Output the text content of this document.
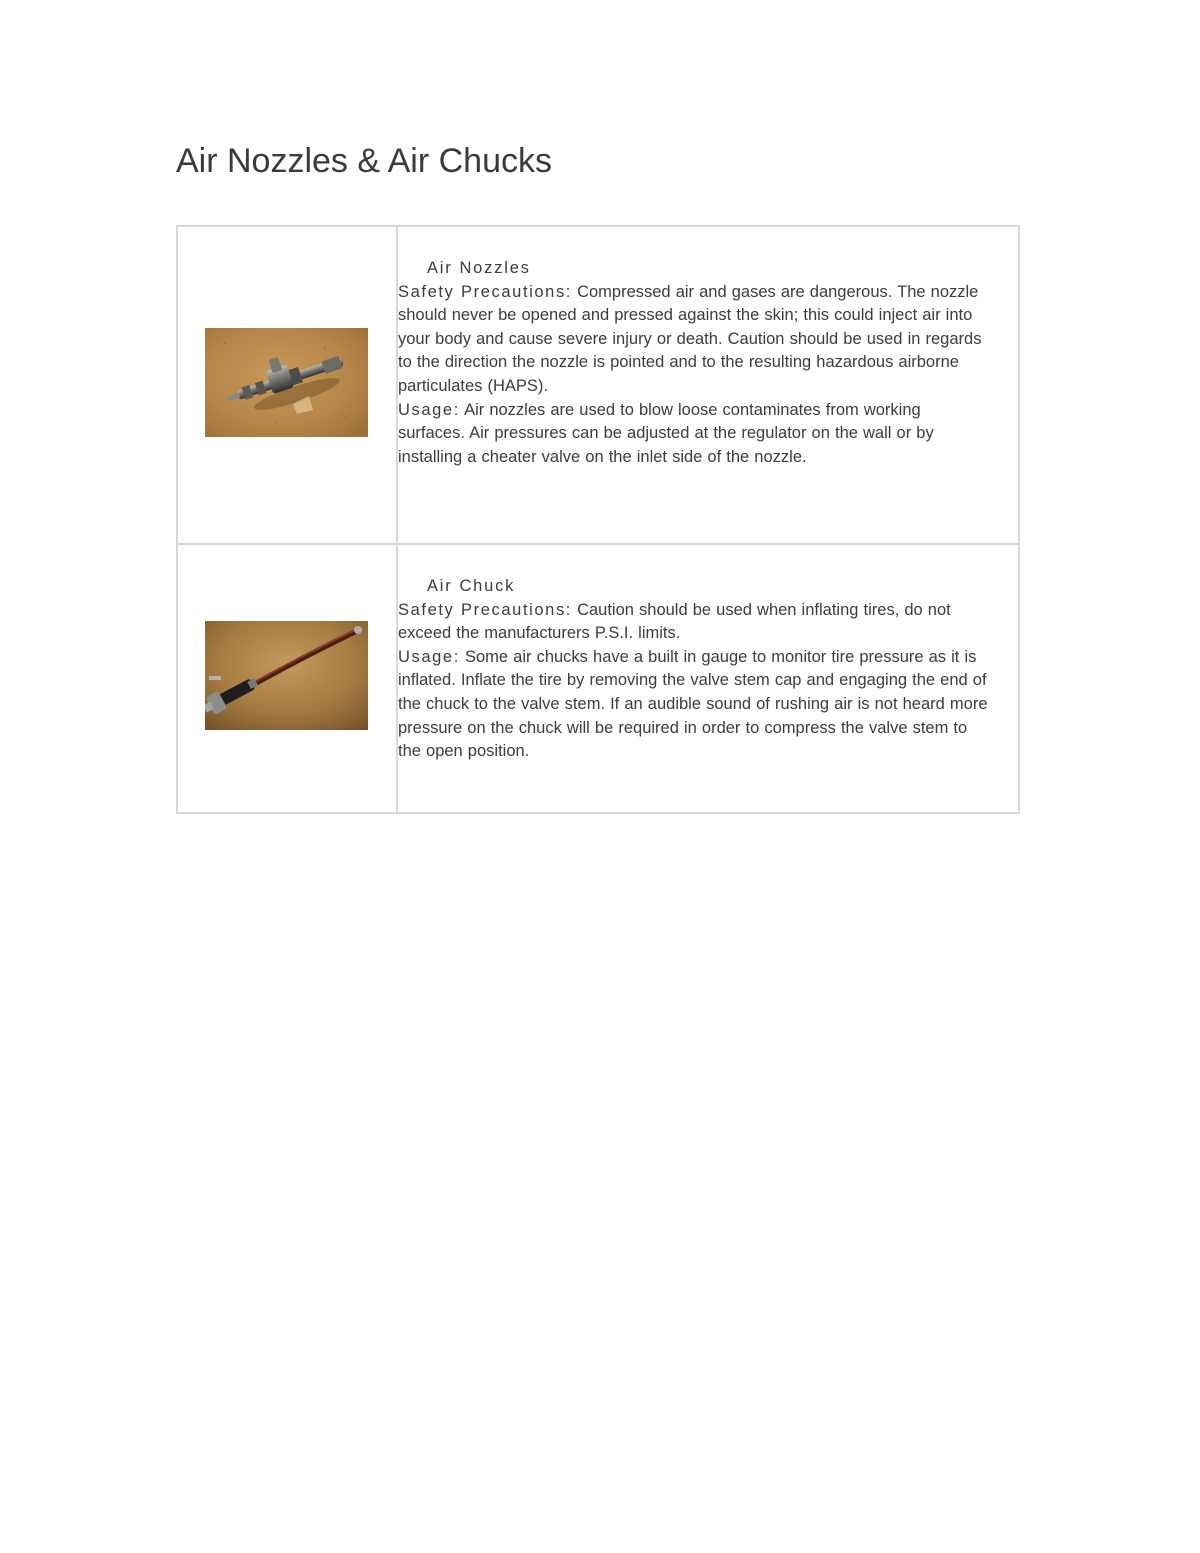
Air Nozzles & Air Chucks

Air Nozzles
Safety Precautions: Compressed air and gases are dangerous. The nozzle should never be opened and pressed against the skin; this could inject air into your body and cause severe injury or death. Caution should be used in regards to the direction the nozzle is pointed and to the resulting hazardous airborne particulates (HAPS).
Usage: Air nozzles are used to blow loose contaminates from working surfaces. Air pressures can be adjusted at the regulator on the wall or by installing a cheater valve on the inlet side of the nozzle.

Air Chuck
Safety Precautions: Caution should be used when inflating tires, do not exceed the manufacturers P.S.I. limits.
Usage: Some air chucks have a built in gauge to monitor tire pressure as it is inflated. Inflate the tire by removing the valve stem cap and engaging the end of the chuck to the valve stem. If an audible sound of rushing air is not heard more pressure on the chuck will be required in order to compress the valve stem to the open position.
